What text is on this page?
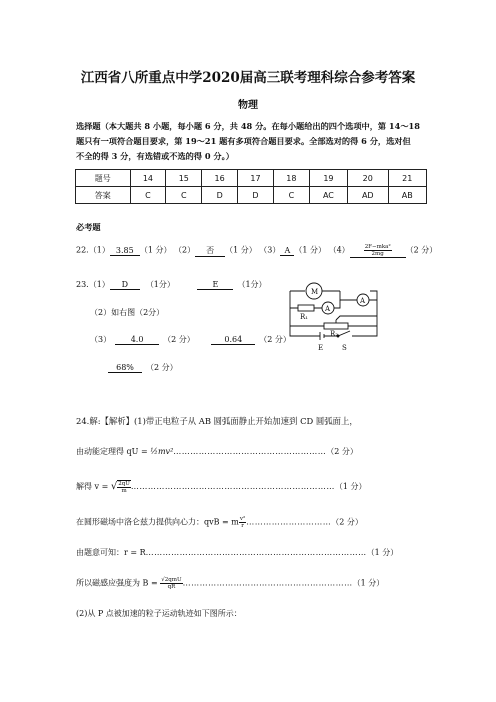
江西省八所重点中学2020届高三联考理科综合参考答案
物理
选择题（本大题共 8 小题，每小题 6 分，共 48 分。在每小题给出的四个选项中，第 14～18
题只有一项符合题目要求，第 19～21 题有多项符合题目要求。全部选对的得 6 分，选对但
不全的得 3 分，有选错或不选的得 0 分。）
题号	14	15	16	17	18	19	20	21
答案	C	C	D	D	C	AC	AD	AB
必考题
22.（1） 3.85 （1 分） （2） 否 （1 分） （3） A （1 分） （4）	$\frac{\text{2F−mka²}}{2mg} (2$ 分）
23.（1） D （1分）	E （1分）
（2）如右图（2分）
（3） 4.0 （2 分）	0.64 （2 分）
68% （2 分）
M
A
A
R₁
R₂
E	S
24.解:【解析】(1)带正电粒子从 AB 圆弧面静止开始加速到 CD 圆弧面上，
由动能定理得 qU = ½mv²………………………………………………（2 分）
解得 v = √ $\frac{2qU}{m}$ ………………………………………………………………（1 分）
在圆形磁场中洛仑兹力提供向心力：qvB = m $\frac{\text{v²}}{r}$ …………………………（2 分）
由题意可知：r = R……………………………………………………………………（1 分）
所以磁感应强度为 $B = \frac{\text{√2qmU}}{qR}$ ……………………………………………………（1 分）
(2)从 P 点被加速的粒子运动轨迹如下图所示：
